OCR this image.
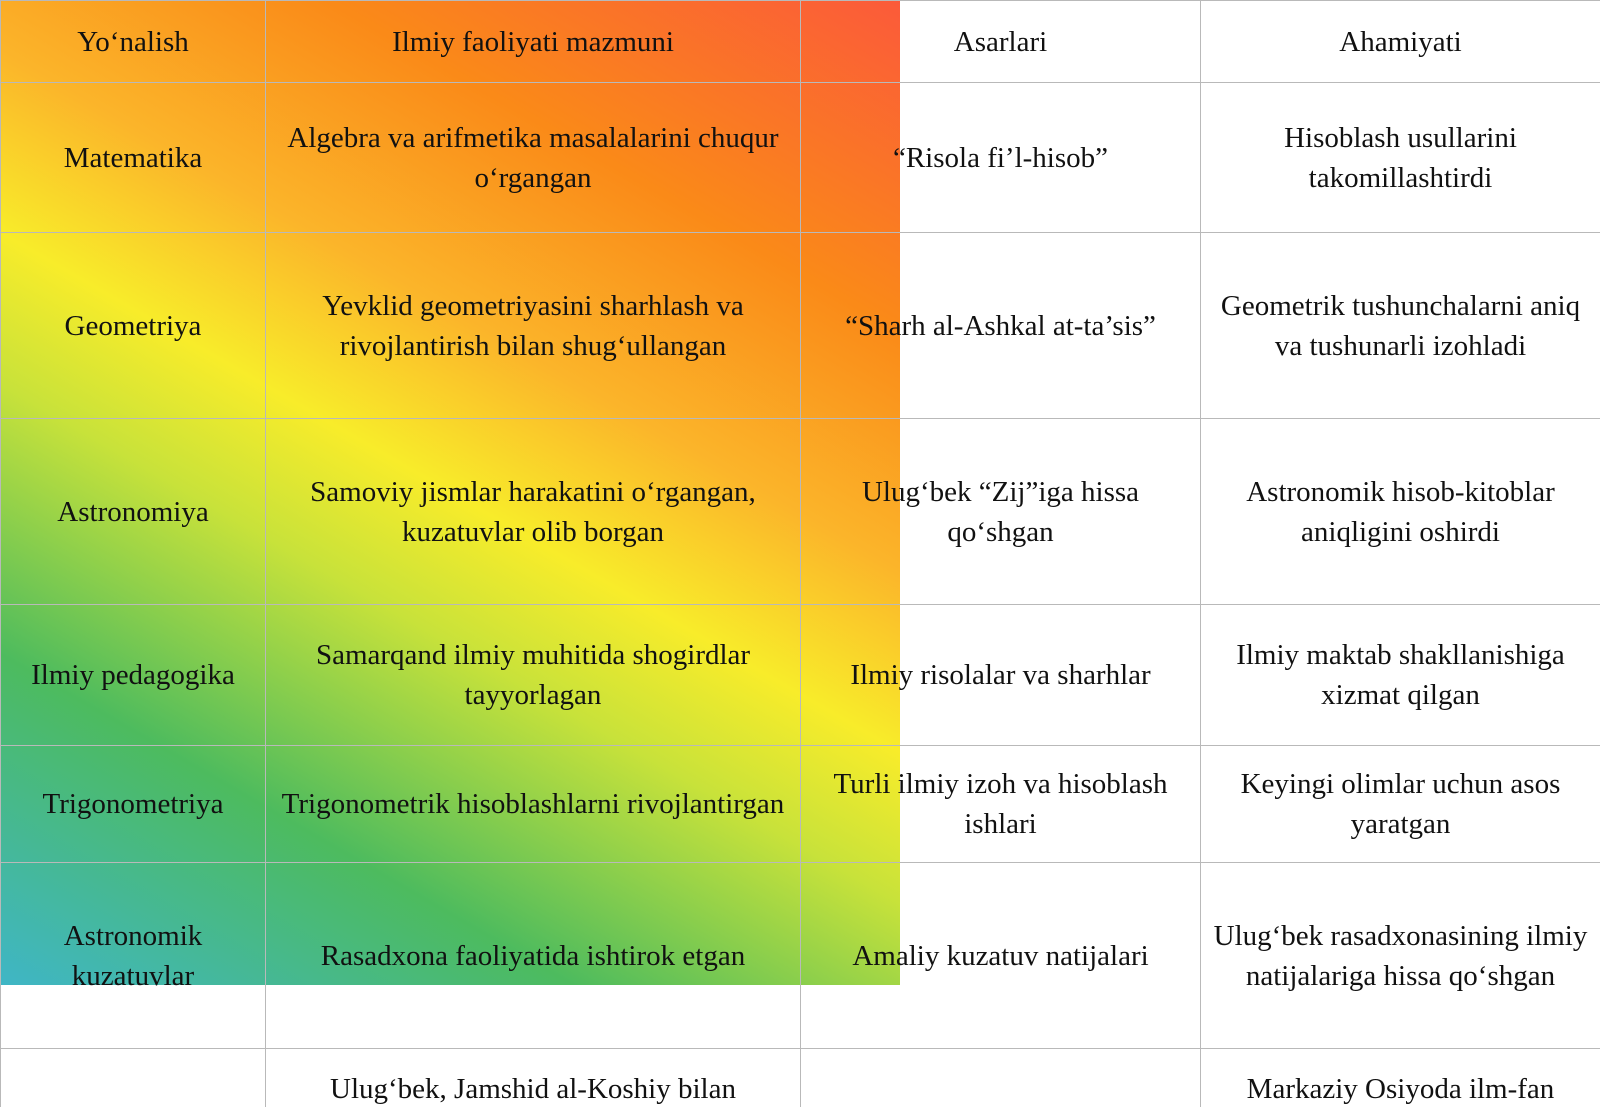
Yo‘nalish	Ilmiy faoliyati mazmuni	Asarlari	Ahamiyati
Matematika	Algebra va arifmetika masalalarini chuqur o‘rgangan	“Risola fi’l-hisob”	Hisoblash usullarini takomillashtirdi
Geometriya	Yevklid geometriyasini sharhlash va rivojlantirish bilan shug‘ullangan	“Sharh al-Ashkal at-ta’sis”	Geometrik tushunchalarni aniq va tushunarli izohladi
Astronomiya	Samoviy jismlar harakatini o‘rgangan, kuzatuvlar olib borgan	Ulug‘bek “Zij”iga hissa qo‘shgan	Astronomik hisob-kitoblar aniqligini oshirdi
Ilmiy pedagogika	Samarqand ilmiy muhitida shogirdlar tayyorlagan	Ilmiy risolalar va sharhlar	Ilmiy maktab shakllanishiga xizmat qilgan
Trigonometriya	Trigonometrik hisoblashlarni rivojlantirgan	Turli ilmiy izoh va hisoblash ishlari	Keyingi olimlar uchun asos yaratgan
Astronomik kuzatuvlar	Rasadxona faoliyatida ishtirok etgan	Amaliy kuzatuv natijalari	Ulug‘bek rasadxonasining ilmiy natijalariga hissa qo‘shgan
	Ulug‘bek, Jamshid al-Koshiy bilan		Markaziy Osiyoda ilm-fan
